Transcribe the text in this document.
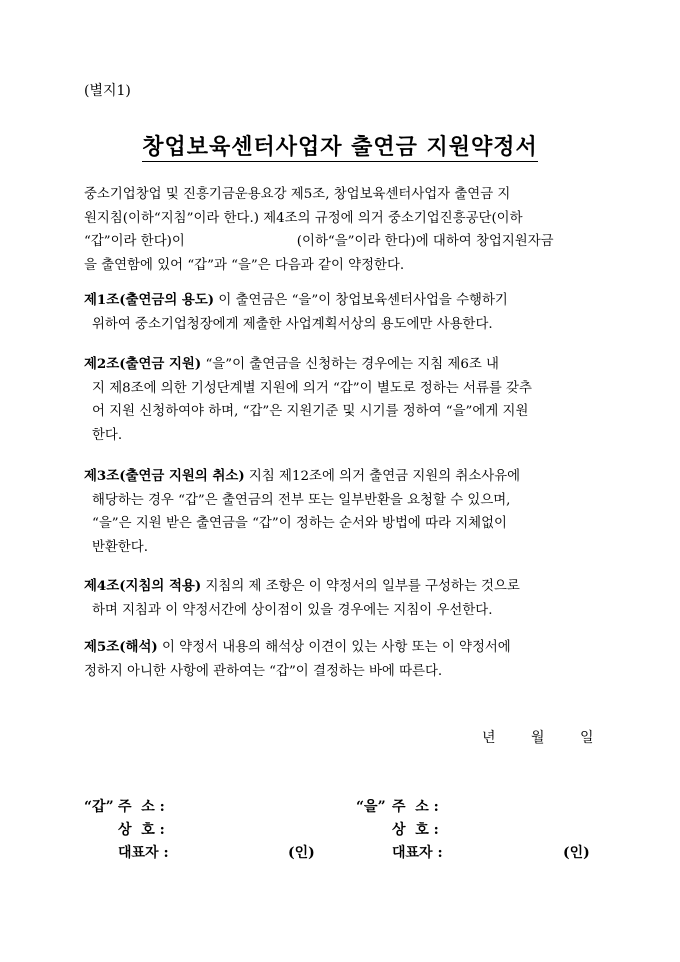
(별지1)
창업보육센터사업자 출연금 지원약정서
중소기업창업 및 진흥기금운용요강 제5조, 창업보육센터사업자 출연금 지
원지침(이하“지침”이라 한다.) 제4조의 규정에 의거 중소기업진흥공단(이하
“갑”이라 한다)이	(이하“을”이라 한다)에 대하여 창업지원자금
을 출연함에 있어 “갑”과 “을”은 다음과 같이 약정한다.
제1조(출연금의 용도) 이 출연금은 “을”이 창업보육센터사업을 수행하기
위하여 중소기업청장에게 제출한 사업계획서상의 용도에만 사용한다.
제2조(출연금 지원) “을”이 출연금을 신청하는 경우에는 지침 제6조 내
지 제8조에 의한 기성단계별 지원에 의거 “갑”이 별도로 정하는 서류를 갖추
어 지원 신청하여야 하며, “갑”은 지원기준 및 시기를 정하여 “을”에게 지원
한다.
제3조(출연금 지원의 취소) 지침 제12조에 의거 출연금 지원의 취소사유에
해당하는 경우 “갑”은 출연금의 전부 또는 일부반환을 요청할 수 있으며,
“을”은 지원 받은 출연금을 “갑”이 정하는 순서와 방법에 따라 지체없이
반환한다.
제4조(지침의 적용) 지침의 제 조항은 이 약정서의 일부를 구성하는 것으로
하며 지침과 이 약정서간에 상이점이 있을 경우에는 지침이 우선한다.
제5조(해석) 이 약정서 내용의 해석상 이견이 있는 사항 또는 이 약정서에
정하지 아니한 사항에 관하여는 “갑”이 결정하는 바에 따른다.
년	월	일
“갑” 주  소 :
상  호 :
대표자 :	(인)
“을” 주  소 :
상  호 :
대표자 :	(인)
